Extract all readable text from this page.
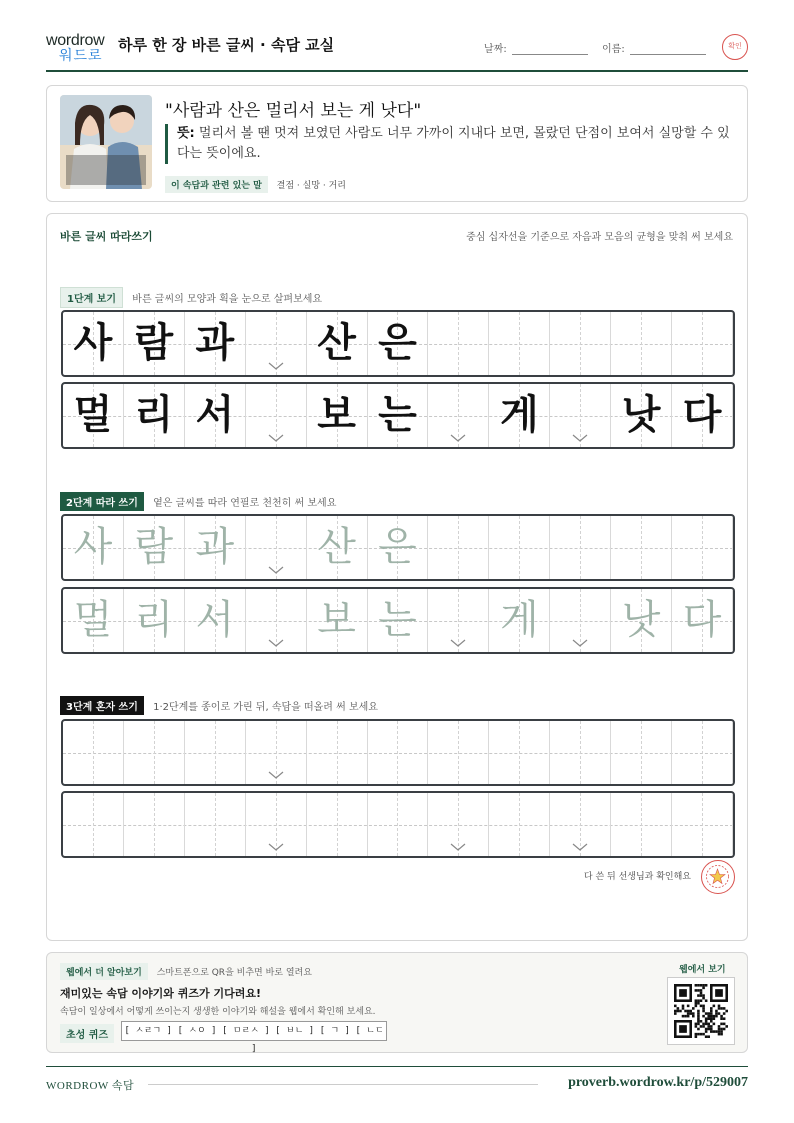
wordrow
워드로
하루 한 장 바른 글씨 · 속담 교실	날짜:	이름:	확인
"사람과 산은 멀리서 보는 게 낫다"
뜻: 멀리서 볼 땐 멋져 보였던 사람도 너무 가까이 지내다 보면, 몰랐던 단점이 보여서 실망할 수 있다는 뜻이에요.
이 속담과 관련 있는 말 결점 · 실망 · 거리
바른 글씨 따라쓰기	중심 십자선을 기준으로 자음과 모음의 균형을 맞춰 써 보세요
1단계 보기 바른 글씨의 모양과 획을 눈으로 살펴보세요
사 람 과 산 은
멀 리 서 보 는 게 낫 다
2단계 따라 쓰기 옅은 글씨를 따라 연필로 천천히 써 보세요
사 람 과 산 은
멀 리 서 보 는 게 낫 다
3단계 혼자 쓰기 1·2단계를 종이로 가린 뒤, 속담을 떠올려 써 보세요
다 쓴 뒤 선생님과 확인해요
웹에서 더 알아보기 스마트폰으로 QR을 비추면 바로 열려요
재미있는 속담 이야기와 퀴즈가 기다려요!
속담이 일상에서 어떻게 쓰이는지 생생한 이야기와 해설을 웹에서 확인해 보세요.
초성 퀴즈	[ ㅅㄹㄱ ] [ ㅅㅇ ] [ ㅁㄹㅅ ] [ ㅂㄴ ] [ ㄱ ] [ ㄴㄷ ]
웹에서 보기
WORDROW 속담	proverb.wordrow.kr/p/529007
